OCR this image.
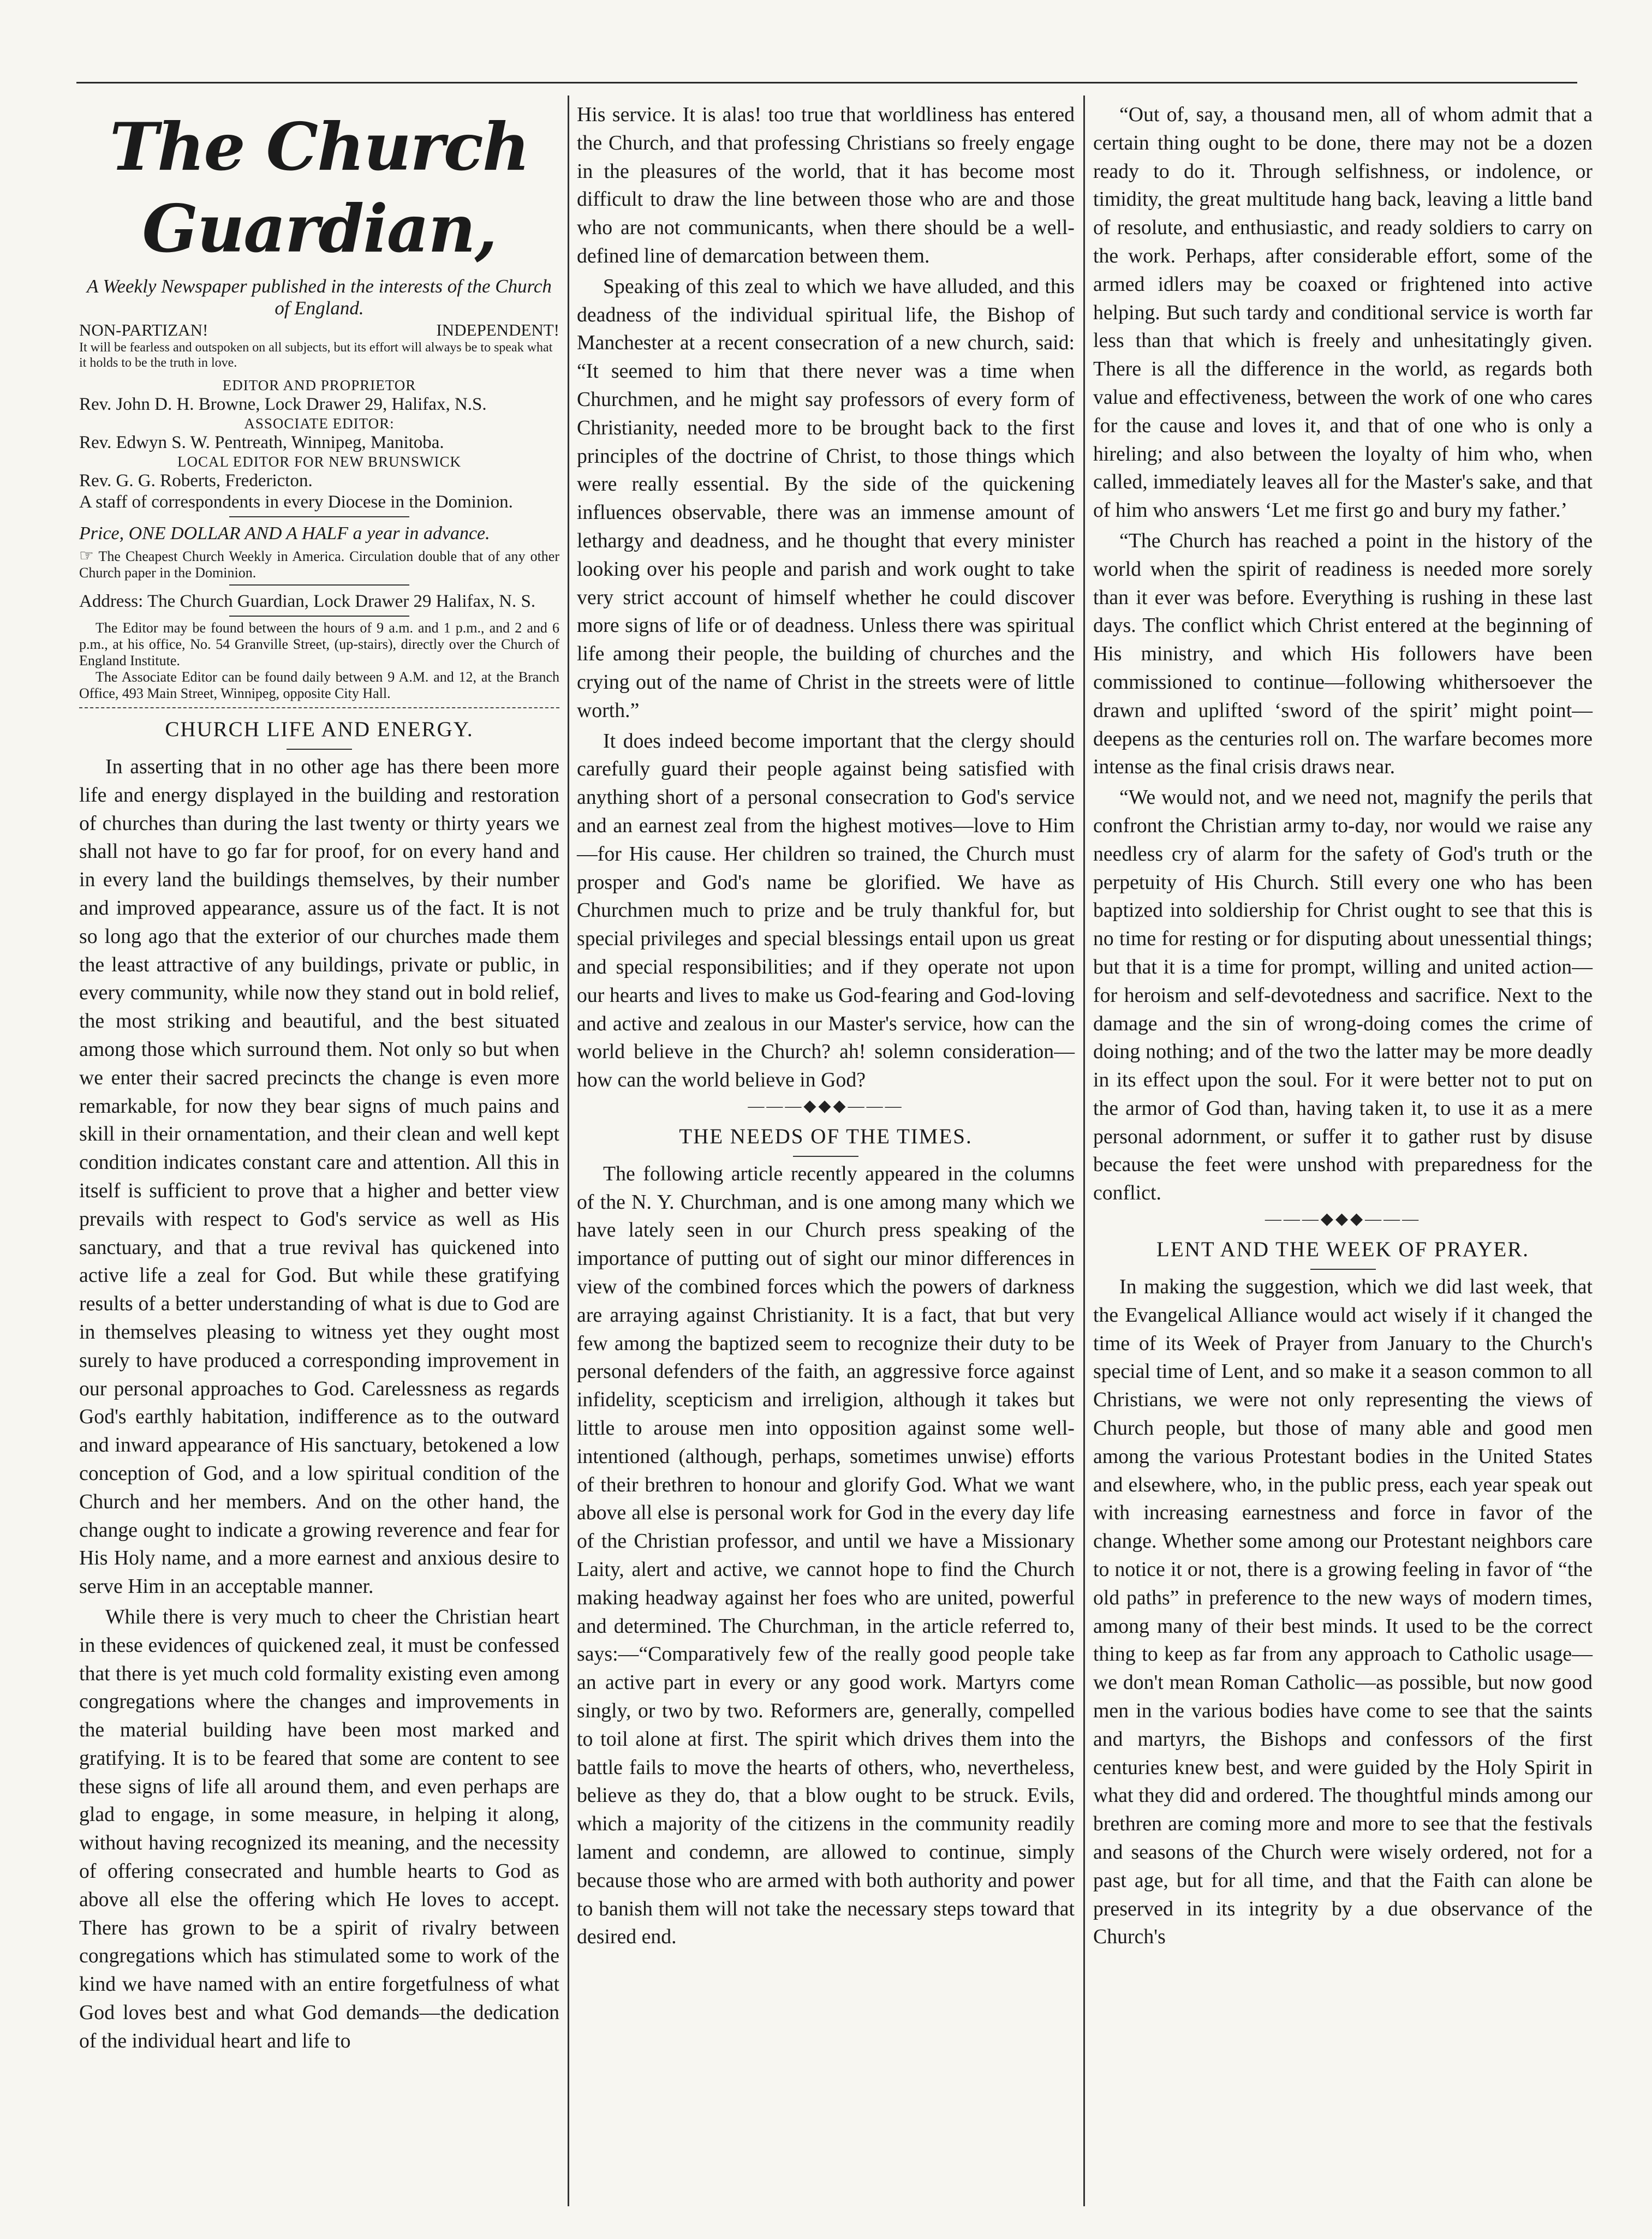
The Church Guardian,
A Weekly Newspaper published in the interests of the Church of England.
NON-PARTIZAN!	INDEPENDENT!
It will be fearless and outspoken on all subjects, but its effort will always be to speak what it holds to be the truth in love.
EDITOR AND PROPRIETOR
Rev. John D. H. Browne, Lock Drawer 29, Halifax, N.S.
ASSOCIATE EDITOR:
Rev. Edwyn S. W. Pentreath, Winnipeg, Manitoba.
LOCAL EDITOR FOR NEW BRUNSWICK
Rev. G. G. Roberts, Fredericton.
A staff of correspondents in every Diocese in the Dominion.
Price, ONE DOLLAR AND A HALF a year in advance.
☞ The Cheapest Church Weekly in America. Circulation double that of any other Church paper in the Dominion.
Address: The Church Guardian, Lock Drawer 29 Halifax, N. S.

The Editor may be found between the hours of 9 a.m. and 1 p.m., and 2 and 6 p.m., at his office, No. 54 Granville Street, (up-stairs), directly over the Church of England Institute.

The Associate Editor can be found daily between 9 A.M. and 12, at the Branch Office, 493 Main Street, Winnipeg, opposite City Hall.

CHURCH LIFE AND ENERGY.

In asserting that in no other age has there been more life and energy displayed in the building and restoration of churches than during the last twenty or thirty years we shall not have to go far for proof, for on every hand and in every land the buildings themselves, by their number and improved appearance, assure us of the fact. It is not so long ago that the exterior of our churches made them the least attractive of any buildings, private or public, in every community, while now they stand out in bold relief, the most striking and beautiful, and the best situated among those which surround them. Not only so but when we enter their sacred precincts the change is even more remarkable, for now they bear signs of much pains and skill in their ornamentation, and their clean and well kept condition indicates constant care and attention. All this in itself is sufficient to prove that a higher and better view prevails with respect to God's service as well as His sanctuary, and that a true revival has quickened into active life a zeal for God. But while these gratifying results of a better understanding of what is due to God are in themselves pleasing to witness yet they ought most surely to have produced a corresponding improvement in our personal approaches to God. Carelessness as regards God's earthly habitation, indifference as to the outward and inward appearance of His sanctuary, betokened a low conception of God, and a low spiritual condition of the Church and her members. And on the other hand, the change ought to indicate a growing reverence and fear for His Holy name, and a more earnest and anxious desire to serve Him in an acceptable manner.

While there is very much to cheer the Christian heart in these evidences of quickened zeal, it must be confessed that there is yet much cold formality existing even among congregations where the changes and improvements in the material building have been most marked and gratifying. It is to be feared that some are content to see these signs of life all around them, and even perhaps are glad to engage, in some measure, in helping it along, without having recognized its meaning, and the necessity of offering consecrated and humble hearts to God as above all else the offering which He loves to accept. There has grown to be a spirit of rivalry between congregations which has stimulated some to work of the kind we have named with an entire forgetfulness of what God loves best and what God demands—the dedication of the individual heart and life to

His service. It is alas! too true that worldliness has entered the Church, and that professing Christians so freely engage in the pleasures of the world, that it has become most difficult to draw the line between those who are and those who are not communicants, when there should be a well-defined line of demarcation between them.

Speaking of this zeal to which we have alluded, and this deadness of the individual spiritual life, the Bishop of Manchester at a recent consecration of a new church, said: “It seemed to him that there never was a time when Churchmen, and he might say professors of every form of Christianity, needed more to be brought back to the first principles of the doctrine of Christ, to those things which were really essential. By the side of the quickening influences observable, there was an immense amount of lethargy and deadness, and he thought that every minister looking over his people and parish and work ought to take very strict account of himself whether he could discover more signs of life or of deadness. Unless there was spiritual life among their people, the building of churches and the crying out of the name of Christ in the streets were of little worth.”

It does indeed become important that the clergy should carefully guard their people against being satisfied with anything short of a personal consecration to God's service and an earnest zeal from the highest motives—love to Him—for His cause. Her children so trained, the Church must prosper and God's name be glorified. We have as Churchmen much to prize and be truly thankful for, but special privileges and special blessings entail upon us great and special responsibilities; and if they operate not upon our hearts and lives to make us God-fearing and God-loving and active and zealous in our Master's service, how can the world believe in the Church? ah! solemn consideration—how can the world believe in God?

———◆◆◆———
THE NEEDS OF THE TIMES.

The following article recently appeared in the columns of the N. Y. Churchman, and is one among many which we have lately seen in our Church press speaking of the importance of putting out of sight our minor differences in view of the combined forces which the powers of darkness are arraying against Christianity. It is a fact, that but very few among the baptized seem to recognize their duty to be personal defenders of the faith, an aggressive force against infidelity, scepticism and irreligion, although it takes but little to arouse men into opposition against some well-intentioned (although, perhaps, sometimes unwise) efforts of their brethren to honour and glorify God. What we want above all else is personal work for God in the every day life of the Christian professor, and until we have a Missionary Laity, alert and active, we cannot hope to find the Church making headway against her foes who are united, powerful and determined. The Churchman, in the article referred to, says:—“Comparatively few of the really good people take an active part in every or any good work. Martyrs come singly, or two by two. Reformers are, generally, compelled to toil alone at first. The spirit which drives them into the battle fails to move the hearts of others, who, nevertheless, believe as they do, that a blow ought to be struck. Evils, which a majority of the citizens in the community readily lament and condemn, are allowed to continue, simply because those who are armed with both authority and power to banish them will not take the necessary steps toward that desired end.

“Out of, say, a thousand men, all of whom admit that a certain thing ought to be done, there may not be a dozen ready to do it. Through selfishness, or indolence, or timidity, the great multitude hang back, leaving a little band of resolute, and enthusiastic, and ready soldiers to carry on the work. Perhaps, after considerable effort, some of the armed idlers may be coaxed or frightened into active helping. But such tardy and conditional service is worth far less than that which is freely and unhesitatingly given. There is all the difference in the world, as regards both value and effectiveness, between the work of one who cares for the cause and loves it, and that of one who is only a hireling; and also between the loyalty of him who, when called, immediately leaves all for the Master's sake, and that of him who answers ‘Let me first go and bury my father.’

“The Church has reached a point in the history of the world when the spirit of readiness is needed more sorely than it ever was before. Everything is rushing in these last days. The conflict which Christ entered at the beginning of His ministry, and which His followers have been commissioned to continue—following whithersoever the drawn and uplifted ‘sword of the spirit’ might point—deepens as the centuries roll on. The warfare becomes more intense as the final crisis draws near.

“We would not, and we need not, magnify the perils that confront the Christian army to-day, nor would we raise any needless cry of alarm for the safety of God's truth or the perpetuity of His Church. Still every one who has been baptized into soldiership for Christ ought to see that this is no time for resting or for disputing about unessential things; but that it is a time for prompt, willing and united action—for heroism and self-devotedness and sacrifice. Next to the damage and the sin of wrong-doing comes the crime of doing nothing; and of the two the latter may be more deadly in its effect upon the soul. For it were better not to put on the armor of God than, having taken it, to use it as a mere personal adornment, or suffer it to gather rust by disuse because the feet were unshod with preparedness for the conflict.

———◆◆◆———
LENT AND THE WEEK OF PRAYER.

In making the suggestion, which we did last week, that the Evangelical Alliance would act wisely if it changed the time of its Week of Prayer from January to the Church's special time of Lent, and so make it a season common to all Christians, we were not only representing the views of Church people, but those of many able and good men among the various Protestant bodies in the United States and elsewhere, who, in the public press, each year speak out with increasing earnestness and force in favor of the change. Whether some among our Protestant neighbors care to notice it or not, there is a growing feeling in favor of “the old paths” in preference to the new ways of modern times, among many of their best minds. It used to be the correct thing to keep as far from any approach to Catholic usage—we don't mean Roman Catholic—as possible, but now good men in the various bodies have come to see that the saints and martyrs, the Bishops and confessors of the first centuries knew best, and were guided by the Holy Spirit in what they did and ordered. The thoughtful minds among our brethren are coming more and more to see that the festivals and seasons of the Church were wisely ordered, not for a past age, but for all time, and that the Faith can alone be preserved in its integrity by a due observance of the Church's
